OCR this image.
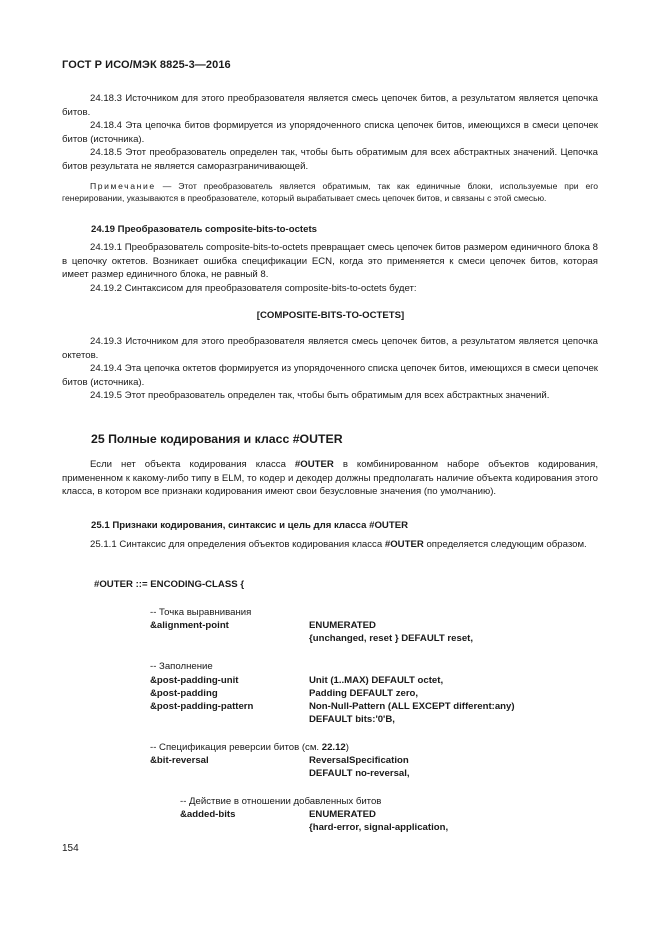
ГОСТ Р ИСО/МЭК 8825-3—2016

24.18.3 Источником для этого преобразователя является смесь цепочек битов, а результатом является цепочка битов.

24.18.4 Эта цепочка битов формируется из упорядоченного списка цепочек битов, имеющихся в смеси цепочек битов (источника).

24.18.5 Этот преобразователь определен так, чтобы быть обратимым для всех абстрактных значений. Цепочка битов результата не является саморазграничивающей.

Примечание — Этот преобразователь является обратимым, так как единичные блоки, используемые при его генерировании, указываются в преобразователе, который вырабатывает смесь цепочек битов, и связаны с этой смесью.

24.19 Преобразователь composite-bits-to-octets

24.19.1 Преобразователь composite-bits-to-octets превращает смесь цепочек битов размером единичного блока 8 в цепочку октетов. Возникает ошибка спецификации ECN, когда это применяется к смеси цепочек битов, которая имеет размер единичного блока, не равный 8.

24.19.2 Синтаксисом для преобразователя composite-bits-to-octets будет:

[COMPOSITE-BITS-TO-OCTETS]

24.19.3 Источником для этого преобразователя является смесь цепочек битов, а результатом является цепочка октетов.

24.19.4 Эта цепочка октетов формируется из упорядоченного списка цепочек битов, имеющихся в смеси цепочек битов (источника).

24.19.5 Этот преобразователь определен так, чтобы быть обратимым для всех абстрактных значений.

25 Полные кодирования и класс #OUTER

Если нет объекта кодирования класса #OUTER в комбинированном наборе объектов кодирования, примененном к какому-либо типу в ELM, то кодер и декодер должны предполагать наличие объекта кодирования этого класса, в котором все признаки кодирования имеют свои безусловные значения (по умолчанию).

25.1 Признаки кодирования, синтаксис и цель для класса #OUTER

25.1.1 Синтаксис для определения объектов кодирования класса #OUTER определяется следующим образом.

#OUTER ::= ENCODING-CLASS {
-- Точка выравнивания
&alignment-point	ENUMERATED
{unchanged, reset } DEFAULT reset,
-- Заполнение
&post-padding-unit	Unit (1..MAX) DEFAULT octet,
&post-padding	Padding DEFAULT zero,
&post-padding-pattern	Non-Null-Pattern (ALL EXCEPT different:any)
DEFAULT bits:'0'B,
-- Спецификация реверсии битов (см. 22.12)
&bit-reversal	ReversalSpecification
DEFAULT no-reversal,
-- Действие в отношении добавленных битов
&added-bits	ENUMERATED
{hard-error, signal-application,
154
